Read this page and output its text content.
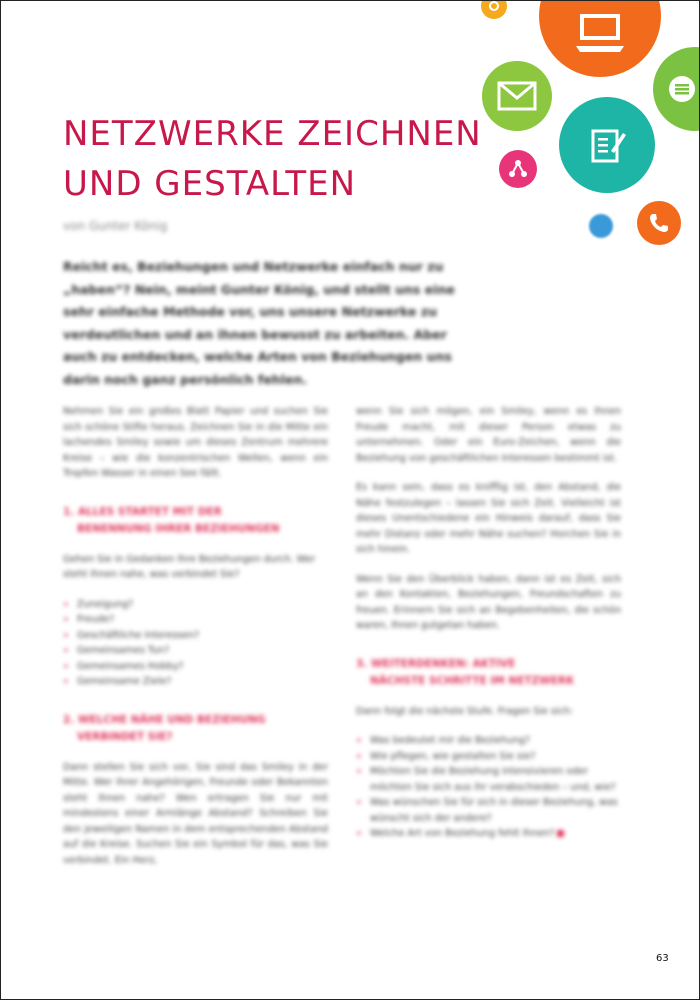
NETZWERKE ZEICHNEN
UND GESTALTEN
von Gunter König

Reicht es, Beziehungen und Netzwerke einfach nur zu „haben“? Nein, meint Gunter König, und stellt uns eine sehr einfache Methode vor, uns unsere Netzwerke zu verdeutlichen und an ihnen bewusst zu arbeiten. Aber auch zu entdecken, welche Arten von Beziehungen uns darin noch ganz persönlich fehlen.

Nehmen Sie ein großes Blatt Papier und suchen Sie sich schöne Stifte heraus. Zeichnen Sie in die Mitte ein lachendes Smiley sowie um dieses Zentrum mehrere Kreise – wie die konzentrischen Wellen, wenn ein Tropfen Wasser in einen See fällt.

1. ALLES STARTET MIT DER
BENENNUNG IHRER BEZIEHUNGEN

Gehen Sie in Gedanken Ihre Beziehungen durch. Wer steht Ihnen nahe, was verbindet Sie?

» Zuneigung?
» Freude?
» Geschäftliche Interessen?
» Gemeinsames Tun?
» Gemeinsames Hobby?
» Gemeinsame Ziele?
2. WELCHE NÄHE UND BEZIEHUNG
VERBINDET SIE?

Dann stellen Sie sich vor, Sie sind das Smiley in der Mitte. Wer Ihrer Angehörigen, Freunde oder Bekannten steht Ihnen nahe? Wen ertragen Sie nur mit mindestens einer Armlänge Abstand? Schreiben Sie den jeweiligen Namen in dem entsprechenden Abstand auf die Kreise. Suchen Sie ein Symbol für das, was Sie verbindet. Ein Herz,

wenn Sie sich mögen, ein Smiley, wenn es Ihnen Freude macht, mit dieser Person etwas zu unternehmen. Oder ein Euro-Zeichen, wenn die Beziehung von geschäftlichen Interessen bestimmt ist.

Es kann sein, dass es knifflig ist, den Abstand, die Nähe festzulegen – lassen Sie sich Zeit. Vielleicht ist dieses Unentschiedene ein Hinweis darauf, dass Sie mehr Distanz oder mehr Nähe suchen? Horchen Sie in sich hinein.

Wenn Sie den Überblick haben, dann ist es Zeit, sich an den Kontakten, Beziehungen, Freundschaften zu freuen. Erinnern Sie sich an Begebenheiten, die schön waren, Ihnen gutgetan haben.

3. WEITERDENKEN: AKTIVE
NÄCHSTE SCHRITTE IM NETZWERK

Dann folgt die nächste Stufe. Fragen Sie sich:

» Was bedeutet mir die Beziehung?
» Wie pflegen, wie gestalten Sie sie?
» Möchten Sie die Beziehung intensivieren oder möchten Sie sich aus ihr verabschieden – und, wie?
» Was wünschen Sie für sich in dieser Beziehung, was wünscht sich der andere?
» Welche Art von Beziehung fehlt Ihnen?
63
